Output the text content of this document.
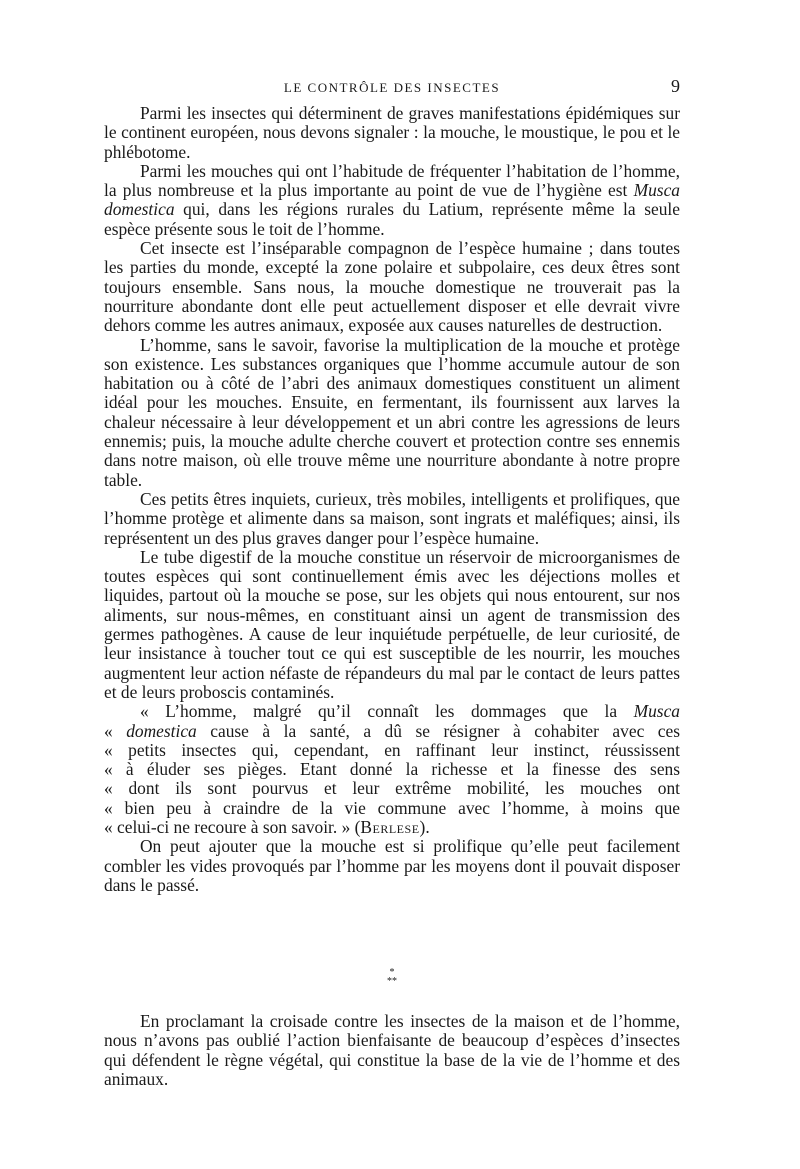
LE CONTRÔLE DES INSECTES	9

Parmi les insectes qui déterminent de graves manifestations épidémiques sur le continent européen, nous devons signaler : la mouche, le moustique, le pou et le phlébotome.

Parmi les mouches qui ont l’habitude de fréquenter l’habitation de l’homme, la plus nombreuse et la plus importante au point de vue de l’hygiène est Musca domestica qui, dans les régions rurales du Latium, représente même la seule espèce présente sous le toit de l’homme.

Cet insecte est l’inséparable compagnon de l’espèce humaine ; dans toutes les parties du monde, excepté la zone polaire et subpolaire, ces deux êtres sont toujours ensemble. Sans nous, la mouche domestique ne trouverait pas la nourriture abondante dont elle peut actuellement disposer et elle devrait vivre dehors comme les autres animaux, exposée aux causes naturelles de destruction.

L’homme, sans le savoir, favorise la multiplication de la mouche et protège son existence. Les substances organiques que l’homme accumule autour de son habitation ou à côté de l’abri des animaux domestiques constituent un aliment idéal pour les mouches. Ensuite, en fermentant, ils fournissent aux larves la chaleur nécessaire à leur développement et un abri contre les agressions de leurs ennemis; puis, la mouche adulte cherche couvert et protection contre ses ennemis dans notre maison, où elle trouve même une nourriture abondante à notre propre table.

Ces petits êtres inquiets, curieux, très mobiles, intelligents et prolifiques, que l’homme protège et alimente dans sa maison, sont ingrats et maléfiques; ainsi, ils représentent un des plus graves danger pour l’espèce humaine.

Le tube digestif de la mouche constitue un réservoir de microorganismes de toutes espèces qui sont continuellement émis avec les déjections molles et liquides, partout où la mouche se pose, sur les objets qui nous entourent, sur nos aliments, sur nous-mêmes, en constituant ainsi un agent de transmission des germes pathogènes. A cause de leur inquiétude perpétuelle, de leur curiosité, de leur insistance à toucher tout ce qui est susceptible de les nourrir, les mouches augmentent leur action néfaste de répandeurs du mal par le contact de leurs pattes et de leurs proboscis contaminés.

« L’homme, malgré qu’il connaît les dommages que la Musca
« domestica cause à la santé, a dû se résigner à cohabiter avec ces
« petits insectes qui, cependant, en raffinant leur instinct, réussissent
« à éluder ses pièges. Etant donné la richesse et la finesse des sens
« dont ils sont pourvus et leur extrême mobilité, les mouches ont
« bien peu à craindre de la vie commune avec l’homme, à moins que
« celui-ci ne recoure à son savoir. » (Berlese).

On peut ajouter que la mouche est si prolifique qu’elle peut facilement combler les vides provoqués par l’homme par les moyens dont il pouvait disposer dans le passé.

*
**

En proclamant la croisade contre les insectes de la maison et de l’homme, nous n’avons pas oublié l’action bienfaisante de beaucoup d’espèces d’insectes qui défendent le règne végétal, qui constitue la base de la vie de l’homme et des animaux.
